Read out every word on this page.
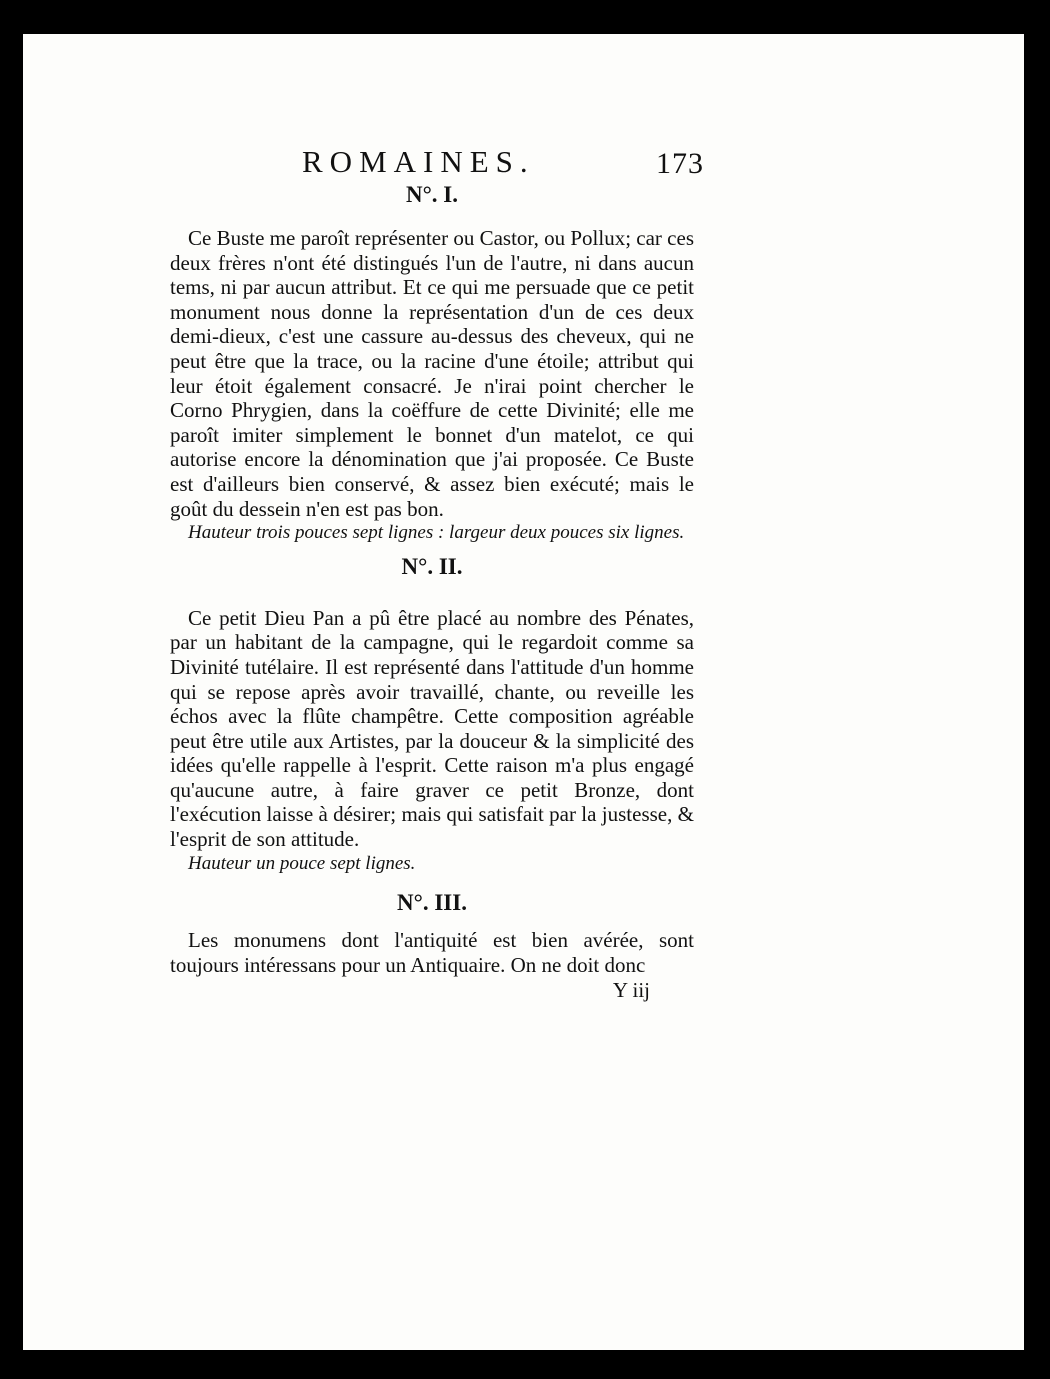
ROMAINES.	173
N°. I.

Ce Buste me paroît représenter ou Castor, ou Pollux; car ces deux frères n'ont été distingués l'un de l'autre, ni dans aucun tems, ni par aucun attribut. Et ce qui me persuade que ce petit monument nous donne la représentation d'un de ces deux demi-dieux, c'est une cassure au-dessus des cheveux, qui ne peut être que la trace, ou la racine d'une étoile; attribut qui leur étoit également consacré. Je n'irai point chercher le Corno Phrygien, dans la coëffure de cette Divinité; elle me paroît imiter simplement le bonnet d'un matelot, ce qui autorise encore la dénomination que j'ai proposée. Ce Buste est d'ailleurs bien conservé, & assez bien exécuté; mais le goût du dessein n'en est pas bon.

Hauteur trois pouces sept lignes : largeur deux pouces six lignes.

N°. II.

Ce petit Dieu Pan a pû être placé au nombre des Pénates, par un habitant de la campagne, qui le regardoit comme sa Divinité tutélaire. Il est représenté dans l'attitude d'un homme qui se repose après avoir travaillé, chante, ou reveille les échos avec la flûte champêtre. Cette composition agréable peut être utile aux Artistes, par la douceur & la simplicité des idées qu'elle rappelle à l'esprit. Cette raison m'a plus engagé qu'aucune autre, à faire graver ce petit Bronze, dont l'exécution laisse à désirer; mais qui satisfait par la justesse, & l'esprit de son attitude.

Hauteur un pouce sept lignes.

N°. III.

Les monumens dont l'antiquité est bien avérée, sont toujours intéressans pour un Antiquaire. On ne doit donc

Y iij
